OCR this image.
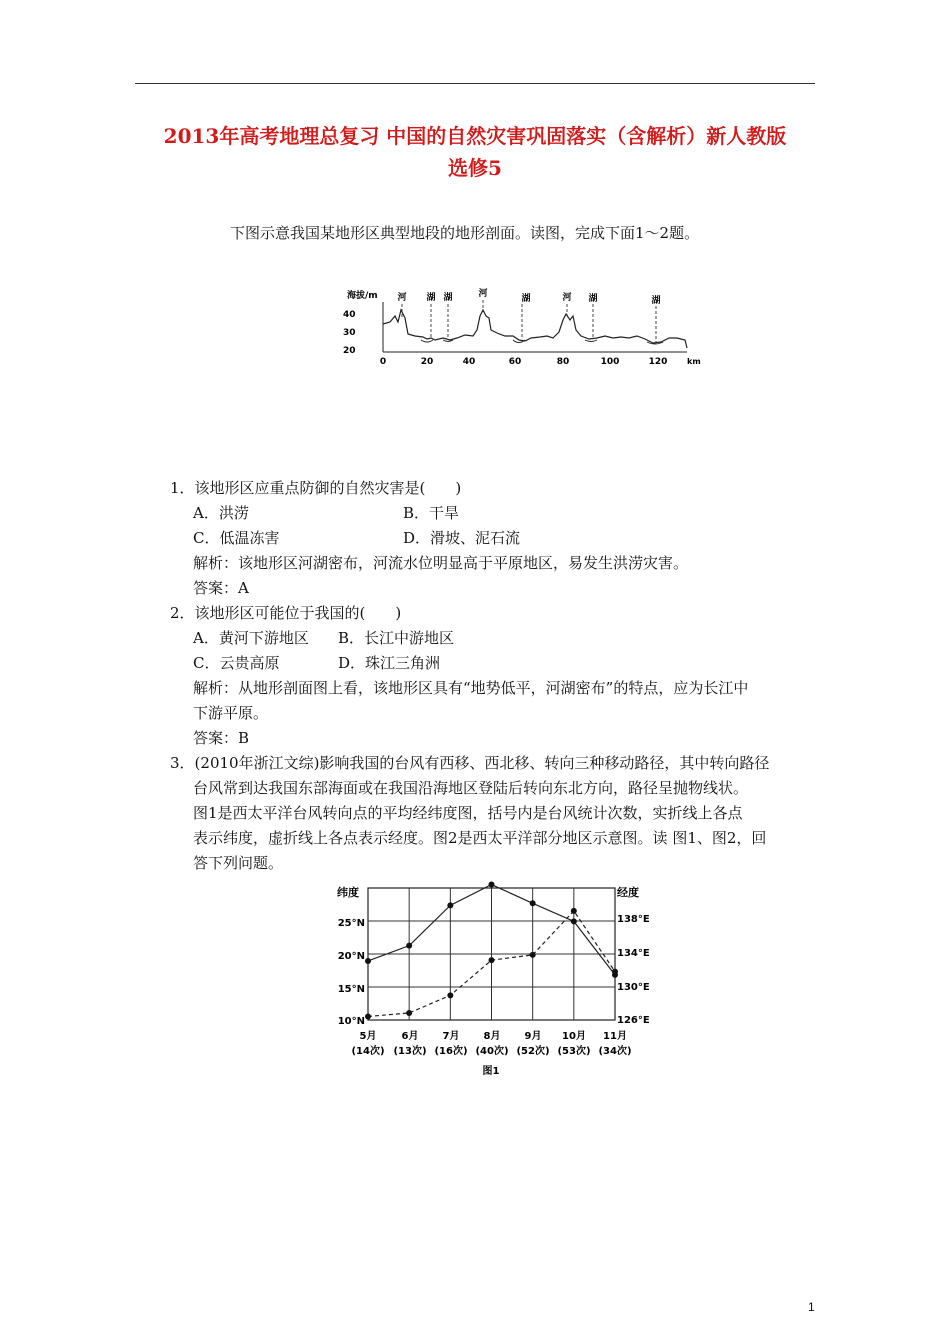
2013年高考地理总复习 中国的自然灾害巩固落实（含解析）新人教版
选修5
下图示意我国某地形区典型地段的地形剖面。读图，完成下面1～2题。
海拔/m
40
30
20
河 湖 湖	河	湖	河 湖	湖
0	20	40	60	80	100	120 km
1．该地形区应重点防御的自然灾害是(　　)
A．洪涝	B．干旱
C．低温冻害	D．滑坡、泥石流
解析：该地形区河湖密布，河流水位明显高于平原地区，易发生洪涝灾害。
答案：A
2．该地形区可能位于我国的(　　)
A．黄河下游地区 B．长江中游地区
C．云贵高原	D．珠江三角洲
解析：从地形剖面图上看，该地形区具有“地势低平，河湖密布”的特点，应为长江中
下游平原。
答案：B
3．(2010年浙江文综)影响我国的台风有西移、西北移、转向三种移动路径，其中转向路径
台风常到达我国东部海面或在我国沿海地区登陆后转向东北方向，路径呈抛物线状。
图1是西太平洋台风转向点的平均经纬度图，括号内是台风统计次数，实折线上各点
表示纬度，虚折线上各点表示经度。图2是西太平洋部分地区示意图。读 图1、图2，回
答下列问题。
纬度	经度
25°N
20°N
15°N
10°N
138°E
134°E
130°E
126°E
5月	6月 7月 8月 9月 10月 11月
(14次) (13次) (16次) (40次) (52次) (53次) (34次)
图1
1
